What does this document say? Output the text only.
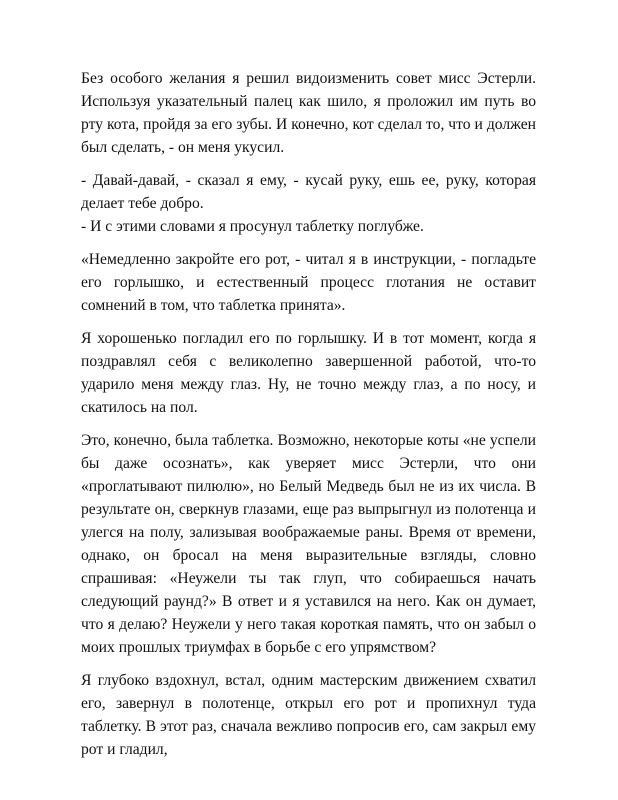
Без особого желания я решил видоизменить совет мисс Эстерли. Используя указательный палец как шило, я проложил им путь во рту кота, пройдя за его зубы. И конечно, кот сделал то, что и должен был сделать, - он меня укусил.

- Давай-давай, - сказал я ему, - кусай руку, ешь ее, руку, которая делает тебе добро.

- И с этими словами я просунул таблетку поглубже.

«Немедленно закройте его рот, - читал я в инструкции, - погладьте его горлышко, и естественный процесс глотания не оставит сомнений в том, что таблетка принята».

Я хорошенько погладил его по горлышку. И в тот момент, когда я поздравлял себя с великолепно завершенной работой, что-то ударило меня между глаз. Ну, не точно между глаз, а по носу, и скатилось на пол.

Это, конечно, была таблетка. Возможно, некоторые коты «не успели бы даже осознать», как уверяет мисс Эстерли, что они «проглатывают пилюлю», но Белый Медведь был не из их числа. В результате он, сверкнув глазами, еще раз выпрыгнул из полотенца и улегся на полу, зализывая воображаемые раны. Время от времени, однако, он бросал на меня выразительные взгляды, словно спрашивая: «Неужели ты так глуп, что собираешься начать следующий раунд?» В ответ и я уставился на него. Как он думает, что я делаю? Неужели у него такая короткая память, что он забыл о моих прошлых триумфах в борьбе с его упрямством?

Я глубоко вздохнул, встал, одним мастерским движением схватил его, завернул в полотенце, открыл его рот и пропихнул туда таблетку. В этот раз, сначала вежливо попросив его, сам закрыл ему рот и гладил,
